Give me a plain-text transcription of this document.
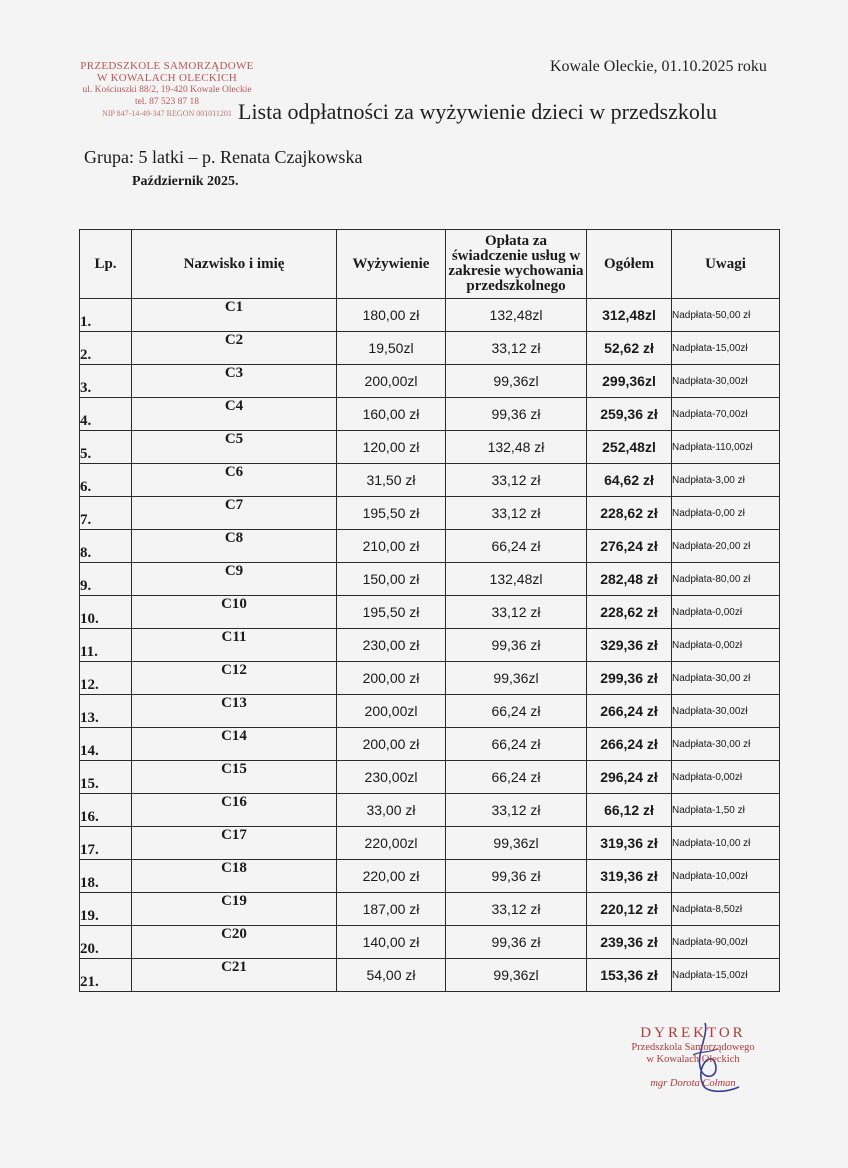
PRZEDSZKOLE SAMORZĄDOWE
W KOWALACH OLECKICH
ul. Kościuszki 88/2, 19-420 Kowale Oleckie
tel. 87 523 87 18
NIP 847-14-49-347 REGON 001011201
Kowale Oleckie, 01.10.2025 roku
Lista odpłatności za wyżywienie dzieci w przedszkolu
Grupa: 5 latki – p. Renata Czajkowska
Październik 2025.
Lp.	Nazwisko i imię	Wyżywienie	Opłata za świadczenie usług w zakresie wychowania przedszkolnego	Ogółem	Uwagi
1.	C1	180,00 zł	132,48zl	312,48zl	Nadpłata-50,00 zł
2.	C2	19,50zl	33,12 zł	52,62 zł	Nadpłata-15,00zł
3.	C3	200,00zl	99,36zl	299,36zl	Nadpłata-30,00zł
4.	C4	160,00 zł	99,36 zł	259,36 zł	Nadpłata-70,00zł
5.	C5	120,00 zł	132,48 zł	252,48zl	Nadpłata-110,00zł
6.	C6	31,50 zł	33,12 zł	64,62 zł	Nadpłata-3,00 zł
7.	C7	195,50 zł	33,12 zł	228,62 zł	Nadpłata-0,00 zł
8.	C8	210,00 zł	66,24 zł	276,24 zł	Nadpłata-20,00 zł
9.	C9	150,00 zł	132,48zl	282,48 zł	Nadpłata-80,00 zł
10.	C10	195,50 zł	33,12 zł	228,62 zł	Nadpłata-0,00zł
11.	C11	230,00 zł	99,36 zł	329,36 zł	Nadpłata-0,00zł
12.	C12	200,00 zł	99,36zl	299,36 zł	Nadpłata-30,00 zł
13.	C13	200,00zl	66,24 zł	266,24 zł	Nadpłata-30,00zł
14.	C14	200,00 zł	66,24 zł	266,24 zł	Nadpłata-30,00 zł
15.	C15	230,00zl	66,24 zł	296,24 zł	Nadpłata-0,00zł
16.	C16	33,00 zł	33,12 zł	66,12 zł	Nadpłata-1,50 zł
17.	C17	220,00zl	99,36zl	319,36 zł	Nadpłata-10,00 zł
18.	C18	220,00 zł	99,36 zł	319,36 zł	Nadpłata-10,00zł
19.	C19	187,00 zł	33,12 zł	220,12 zł	Nadpłata-8,50zł
20.	C20	140,00 zł	99,36 zł	239,36 zł	Nadpłata-90,00zł
21.	C21	54,00 zł	99,36zl	153,36 zł	Nadpłata-15,00zł
DYREKTOR
Przedszkola Samorządowego
w Kowalach Oleckich
mgr Dorota Cołman
